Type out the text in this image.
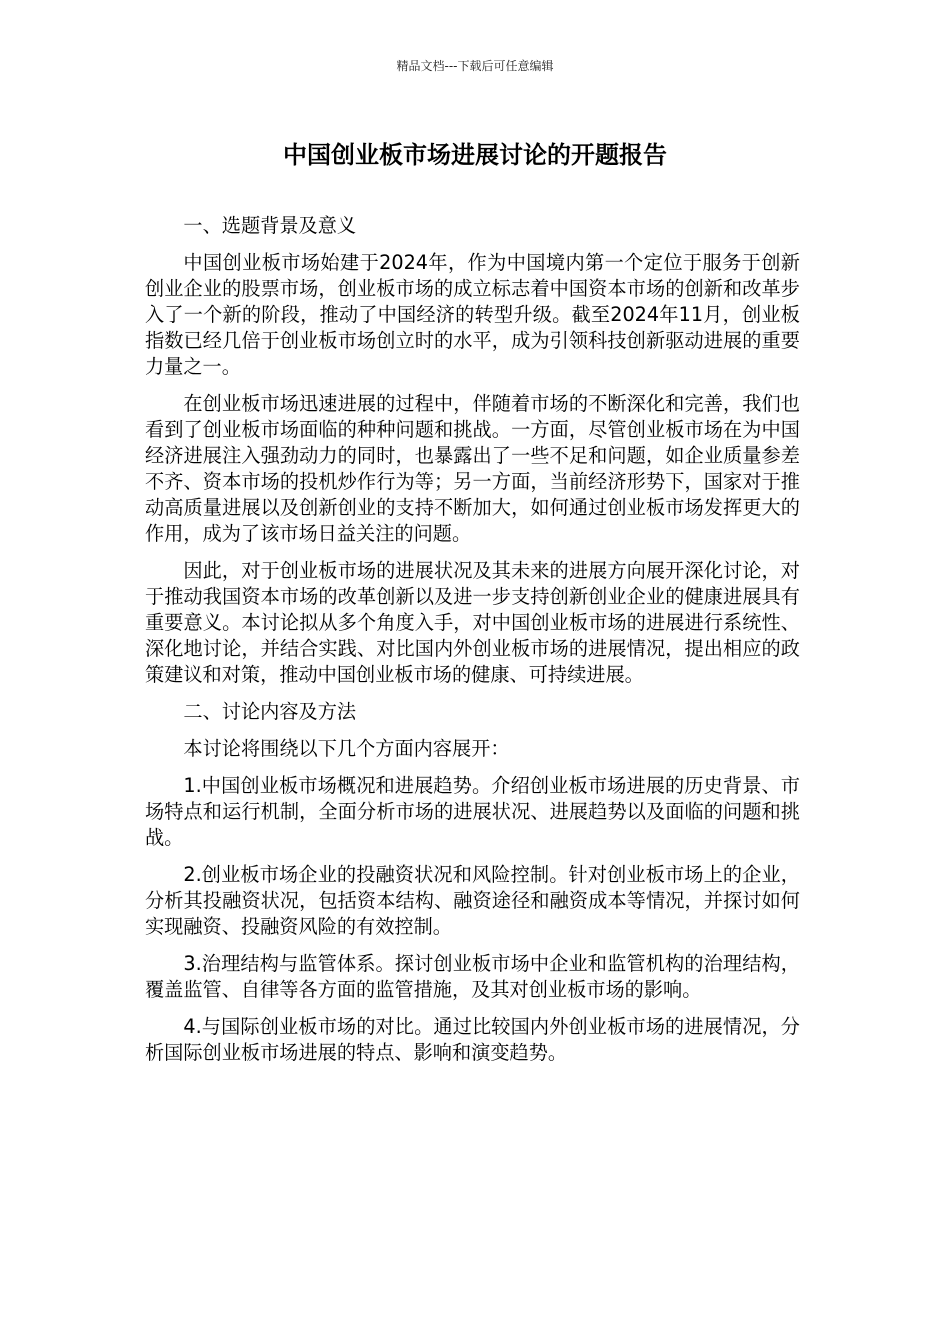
精品文档---下载后可任意编辑
中国创业板市场进展讨论的开题报告

一、选题背景及意义

中国创业板市场始建于2024年，作为中国境内第一个定位于服务于创新创业企业的股票市场，创业板市场的成立标志着中国资本市场的创新和改革步入了一个新的阶段，推动了中国经济的转型升级。截至2024年11月，创业板指数已经几倍于创业板市场创立时的水平，成为引领科技创新驱动进展的重要力量之一。

在创业板市场迅速进展的过程中，伴随着市场的不断深化和完善，我们也看到了创业板市场面临的种种问题和挑战。一方面，尽管创业板市场在为中国经济进展注入强劲动力的同时，也暴露出了一些不足和问题，如企业质量参差不齐、资本市场的投机炒作行为等；另一方面，当前经济形势下，国家对于推动高质量进展以及创新创业的支持不断加大，如何通过创业板市场发挥更大的作用，成为了该市场日益关注的问题。

因此，对于创业板市场的进展状况及其未来的进展方向展开深化讨论，对于推动我国资本市场的改革创新以及进一步支持创新创业企业的健康进展具有重要意义。本讨论拟从多个角度入手，对中国创业板市场的进展进行系统性、深化地讨论，并结合实践、对比国内外创业板市场的进展情况，提出相应的政策建议和对策，推动中国创业板市场的健康、可持续进展。

二、讨论内容及方法

本讨论将围绕以下几个方面内容展开：

1.中国创业板市场概况和进展趋势。介绍创业板市场进展的历史背景、市场特点和运行机制，全面分析市场的进展状况、进展趋势以及面临的问题和挑战。

2.创业板市场企业的投融资状况和风险控制。针对创业板市场上的企业，分析其投融资状况，包括资本结构、融资途径和融资成本等情况，并探讨如何实现融资、投融资风险的有效控制。

3.治理结构与监管体系。探讨创业板市场中企业和监管机构的治理结构，覆盖监管、自律等各方面的监管措施，及其对创业板市场的影响。

4.与国际创业板市场的对比。通过比较国内外创业板市场的进展情况，分析国际创业板市场进展的特点、影响和演变趋势。
